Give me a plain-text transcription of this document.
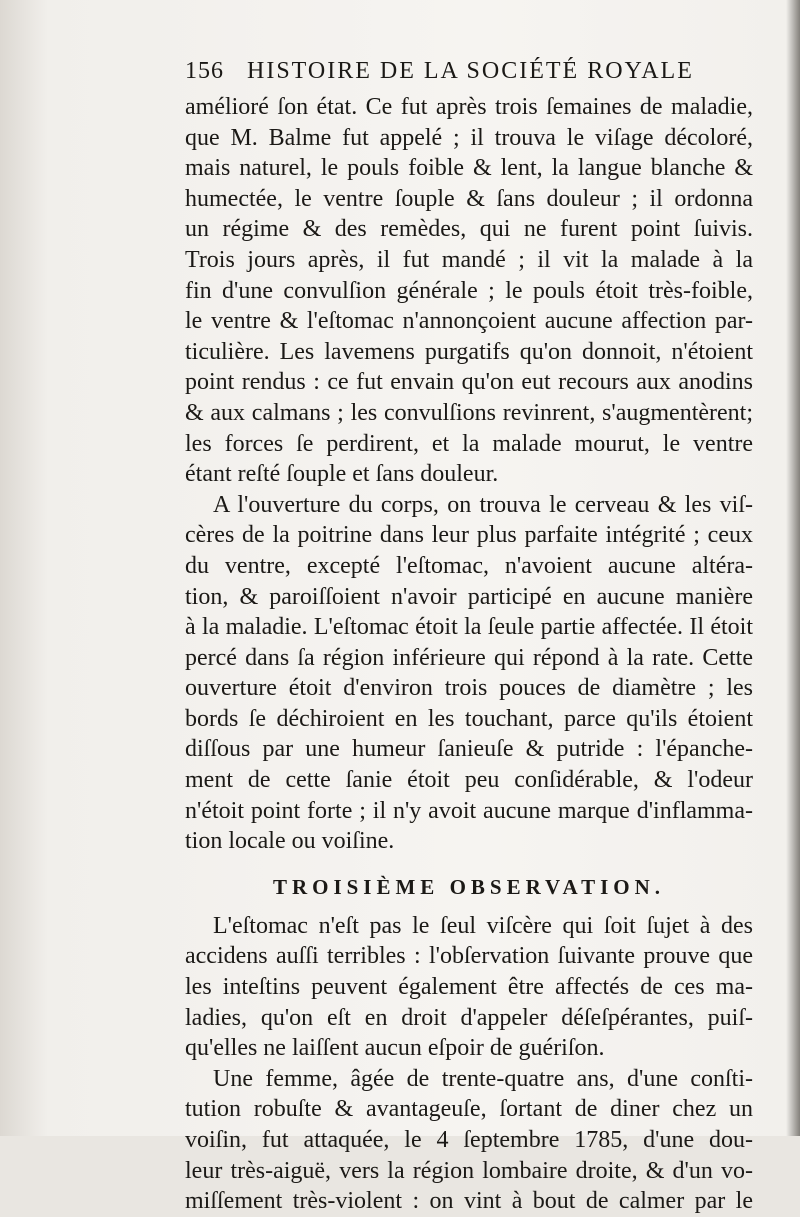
156 HISTOIRE DE LA SOCIÉTÉ ROYALE
amélioré ſon état. Ce fut après trois ſemaines de maladie,
que M. Balme fut appelé ; il trouva le viſage décoloré,
mais naturel, le pouls foible & lent, la langue blanche &
humectée, le ventre ſouple & ſans douleur ; il ordonna
un régime & des remèdes, qui ne furent point ſuivis.
Trois jours après, il fut mandé ; il vit la malade à la
fin d'une convulſion générale ; le pouls étoit très-foible,
le ventre & l'eſtomac n'annonçoient aucune affection par-
ticulière. Les lavemens purgatifs qu'on donnoit, n'étoient
point rendus : ce fut envain qu'on eut recours aux anodins
& aux calmans ; les convulſions revinrent, s'augmentèrent;
les forces ſe perdirent, et la malade mourut, le ventre
étant reſté ſouple et ſans douleur.
A l'ouverture du corps, on trouva le cerveau & les viſ-
cères de la poitrine dans leur plus parfaite intégrité ; ceux
du ventre, excepté l'eſtomac, n'avoient aucune altéra-
tion, & paroiſſoient n'avoir participé en aucune manière
à la maladie. L'eſtomac étoit la ſeule partie affectée. Il étoit
percé dans ſa région inférieure qui répond à la rate. Cette
ouverture étoit d'environ trois pouces de diamètre ; les
bords ſe déchiroient en les touchant, parce qu'ils étoient
diſſous par une humeur ſanieuſe & putride : l'épanche-
ment de cette ſanie étoit peu conſidérable, & l'odeur
n'étoit point forte ; il n'y avoit aucune marque d'inflamma-
tion locale ou voiſine.
TROISIÈME OBSERVATION.
L'eſtomac n'eſt pas le ſeul viſcère qui ſoit ſujet à des
accidens auſſi terribles : l'obſervation ſuivante prouve que
les inteſtins peuvent également être affectés de ces ma-
ladies, qu'on eſt en droit d'appeler déſeſpérantes, puiſ-
qu'elles ne laiſſent aucun eſpoir de guériſon.
Une femme, âgée de trente-quatre ans, d'une conſti-
tution robuſte & avantageuſe, ſortant de diner chez un
voiſin, fut attaquée, le 4 ſeptembre 1785, d'une dou-
leur très-aiguë, vers la région lombaire droite, & d'un vo-
miſſement très-violent : on vint à bout de calmer par le
